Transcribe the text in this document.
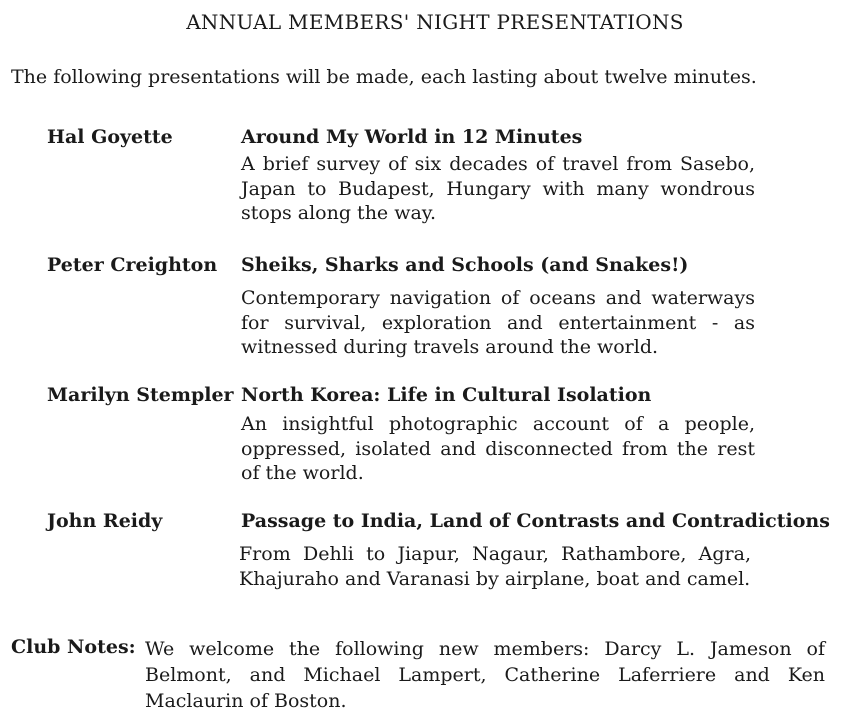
ANNUAL MEMBERS' NIGHT PRESENTATIONS
The following presentations will be made, each lasting about twelve minutes.
Hal Goyette	Around My World in 12 Minutes
A brief survey of six decades of travel from Sasebo, Japan to Budapest, Hungary with many wondrous stops along the way.
Peter Creighton Sheiks, Sharks and Schools (and Snakes!)
Contemporary navigation of oceans and waterways for survival, exploration and entertainment - as witnessed during travels around the world.
Marilyn Stempler North Korea: Life in Cultural Isolation
An insightful photographic account of a people, oppressed, isolated and disconnected from the rest of the world.
John Reidy	Passage to India, Land of Contrasts and Contradictions
From Dehli to Jiapur, Nagaur, Rathambore, Agra, Khajuraho and Varanasi by airplane, boat and camel.
Club Notes: We welcome the following new members: Darcy L. Jameson of Belmont, and Michael Lampert, Catherine Laferriere and Ken Maclaurin of Boston.
